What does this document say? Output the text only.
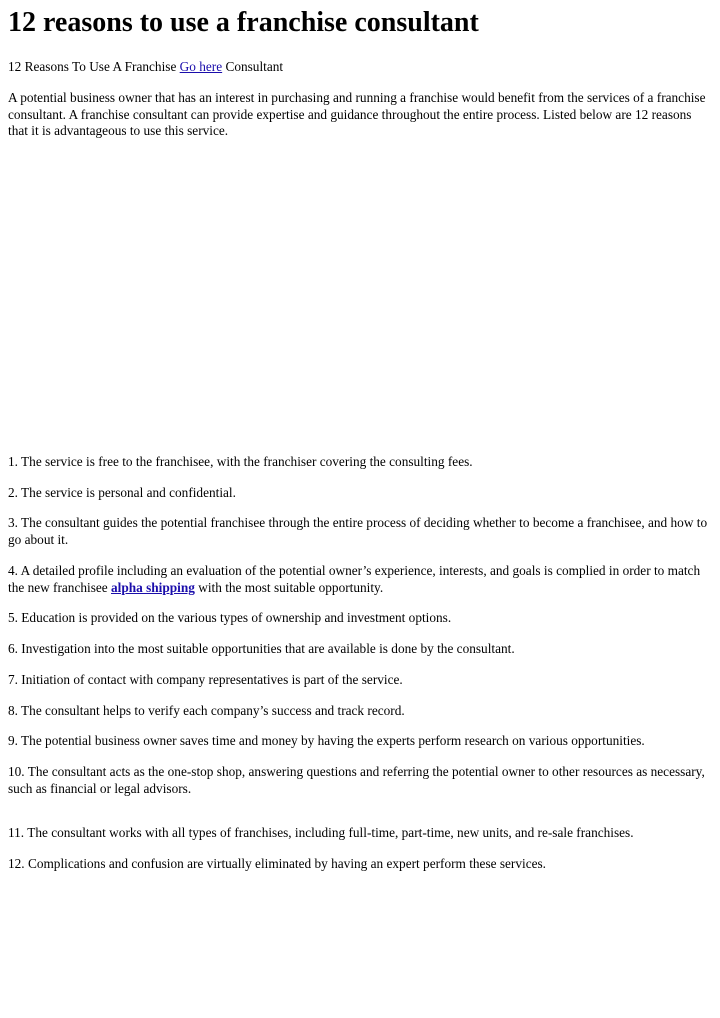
12 reasons to use a franchise consultant

12 Reasons To Use A Franchise Go here Consultant

A potential business owner that has an interest in purchasing and running a franchise would benefit from the services of a franchise consultant. A franchise consultant can provide expertise and guidance throughout the entire process. Listed below are 12 reasons that it is advantageous to use this service.

1. The service is free to the franchisee, with the franchiser covering the consulting fees.

2. The service is personal and confidential.

3. The consultant guides the potential franchisee through the entire process of deciding whether to become a franchisee, and how to go about it.

4. A detailed profile including an evaluation of the potential owner’s experience, interests, and goals is complied in order to match the new franchisee alpha shipping with the most suitable opportunity.

5. Education is provided on the various types of ownership and investment options.

6. Investigation into the most suitable opportunities that are available is done by the consultant.

7. Initiation of contact with company representatives is part of the service.

8. The consultant helps to verify each company’s success and track record.

9. The potential business owner saves time and money by having the experts perform research on various opportunities.

10. The consultant acts as the one-stop shop, answering questions and referring the potential owner to other resources as necessary, such as financial or legal advisors.

11. The consultant works with all types of franchises, including full-time, part-time, new units, and re-sale franchises.

12. Complications and confusion are virtually eliminated by having an expert perform these services.
